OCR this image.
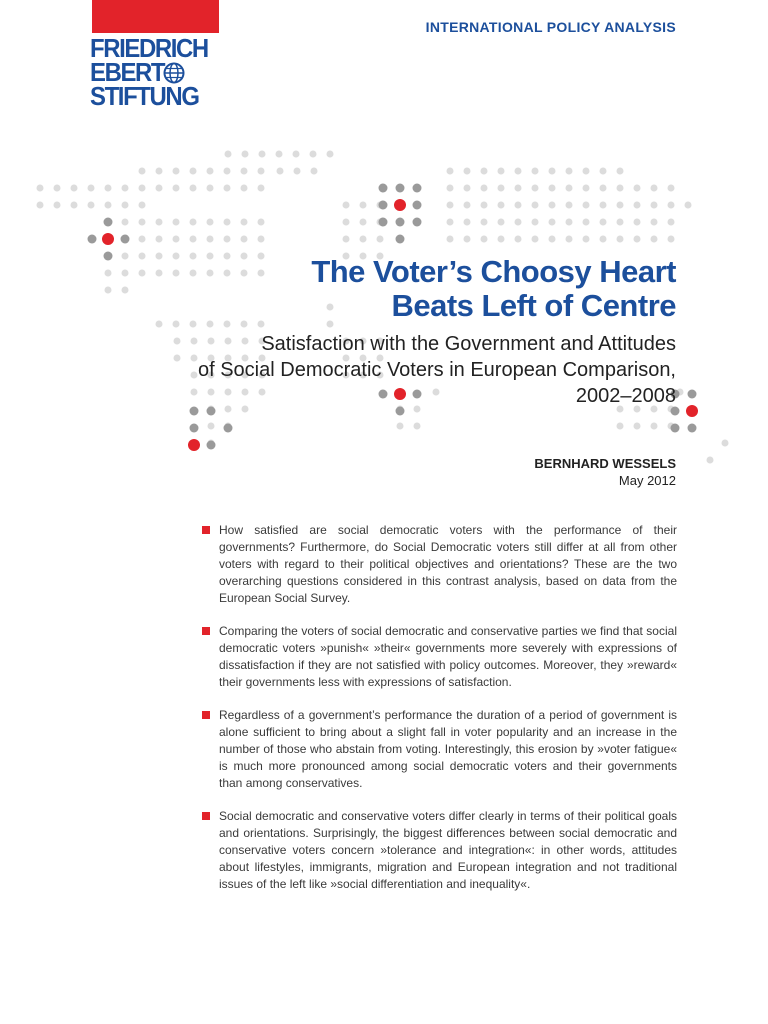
FRIEDRICH
EBERT
STIFTUNG
INTERNATIONAL POLICY ANALYSIS
The Voter’s Choosy Heart
Beats Left of Centre
Satisfaction with the Government and Attitudes
of Social Democratic Voters in European Comparison,
2002–2008
BERNHARD WESSELS
May 2012
How satisfied are social democratic voters with the performance of their governments? Furthermore, do Social Democratic voters still differ at all from other voters with regard to their political objectives and orientations? These are the two overarching questions considered in this contrast analysis, based on data from the European Social Survey.
Comparing the voters of social democratic and conservative parties we find that social democratic voters »punish« »their« governments more severely with expressions of dissatisfaction if they are not satisfied with policy outcomes. Moreover, they »reward« their governments less with expressions of satisfaction.
Regardless of a government’s performance the duration of a period of government is alone sufficient to bring about a slight fall in voter popularity and an increase in the number of those who abstain from voting. Interestingly, this erosion by »voter fatigue« is much more pronounced among social democratic voters and their governments than among conservatives.
Social democratic and conservative voters differ clearly in terms of their political goals and orientations. Surprisingly, the biggest differences between social democratic and conservative voters concern »tolerance and integration«: in other words, attitudes about lifestyles, immigrants, migration and European integration and not traditional issues of the left like »social differentiation and inequality«.
